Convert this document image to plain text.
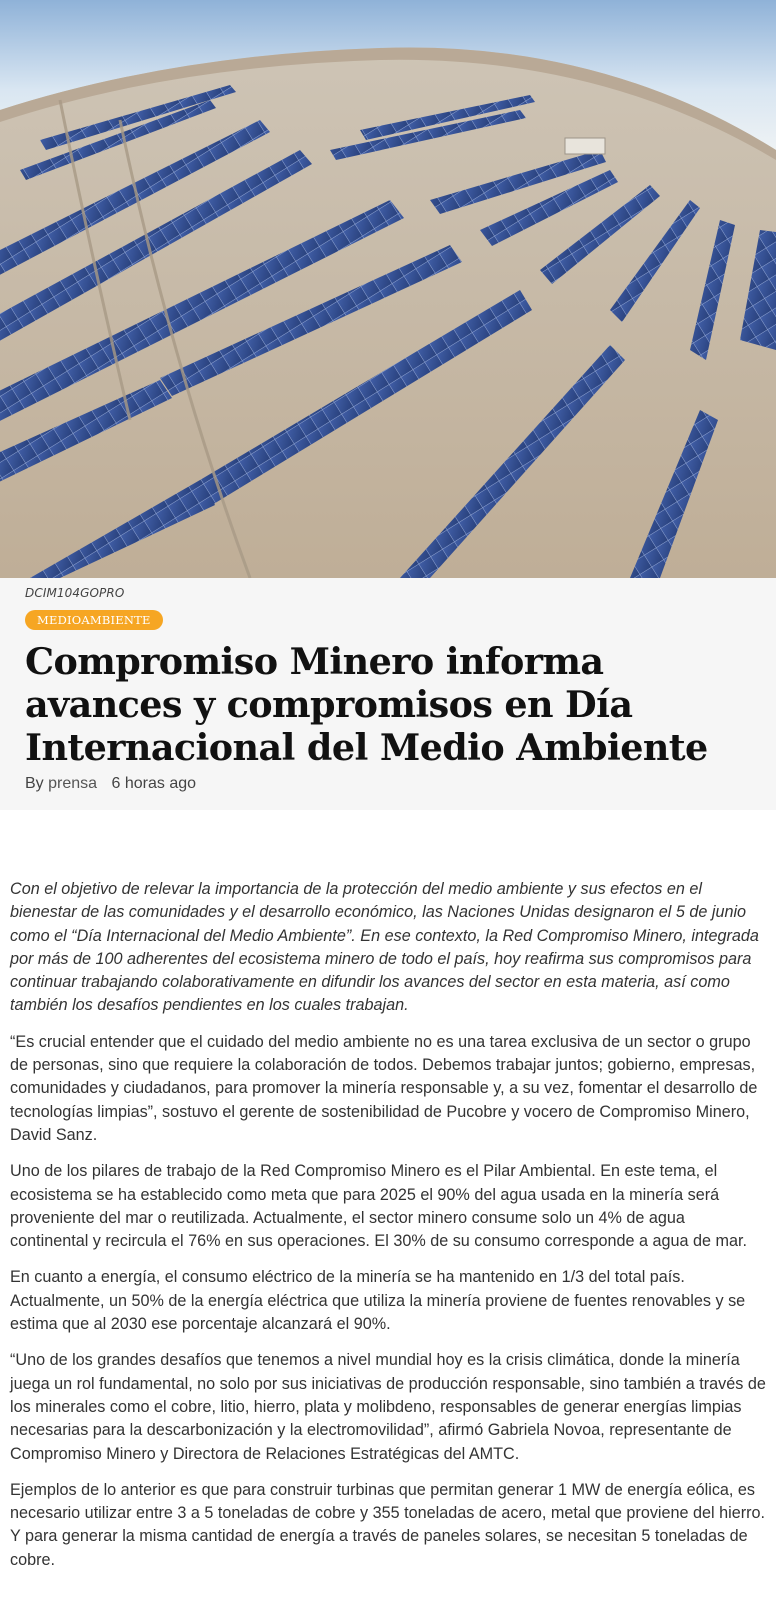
DCIM104GOPRO
MEDIOAMBIENTE
Compromiso Minero informa avances y compromisos en Día Internacional del Medio Ambiente
By prensa 6 horas ago

Con el objetivo de relevar la importancia de la protección del medio ambiente y sus efectos en el bienestar de las comunidades y el desarrollo económico, las Naciones Unidas designaron el 5 de junio como el “Día Internacional del Medio Ambiente”. En ese contexto, la Red Compromiso Minero, integrada por más de 100 adherentes del ecosistema minero de todo el país, hoy reafirma sus compromisos para continuar trabajando colaborativamente en difundir los avances del sector en esta materia, así como también los desafíos pendientes en los cuales trabajan.

“Es crucial entender que el cuidado del medio ambiente no es una tarea exclusiva de un sector o grupo de personas, sino que requiere la colaboración de todos. Debemos trabajar juntos; gobierno, empresas, comunidades y ciudadanos, para promover la minería responsable y, a su vez, fomentar el desarrollo de tecnologías limpias”, sostuvo el gerente de sostenibilidad de Pucobre y vocero de Compromiso Minero, David Sanz.

Uno de los pilares de trabajo de la Red Compromiso Minero es el Pilar Ambiental. En este tema, el ecosistema se ha establecido como meta que para 2025 el 90% del agua usada en la minería será proveniente del mar o reutilizada. Actualmente, el sector minero consume solo un 4% de agua continental y recircula el 76% en sus operaciones. El 30% de su consumo corresponde a agua de mar.

En cuanto a energía, el consumo eléctrico de la minería se ha mantenido en 1/3 del total país. Actualmente, un 50% de la energía eléctrica que utiliza la minería proviene de fuentes renovables y se estima que al 2030 ese porcentaje alcanzará el 90%.

“Uno de los grandes desafíos que tenemos a nivel mundial hoy es la crisis climática, donde la minería juega un rol fundamental, no solo por sus iniciativas de producción responsable, sino también a través de los minerales como el cobre, litio, hierro, plata y molibdeno, responsables de generar energías limpias necesarias para la descarbonización y la electromovilidad”, afirmó Gabriela Novoa, representante de Compromiso Minero y Directora de Relaciones Estratégicas del AMTC.

Ejemplos de lo anterior es que para construir turbinas que permitan generar 1 MW de energía eólica, es necesario utilizar entre 3 a 5 toneladas de cobre y 355 toneladas de acero, metal que proviene del hierro. Y para generar la misma cantidad de energía a través de paneles solares, se necesitan 5 toneladas de cobre.
